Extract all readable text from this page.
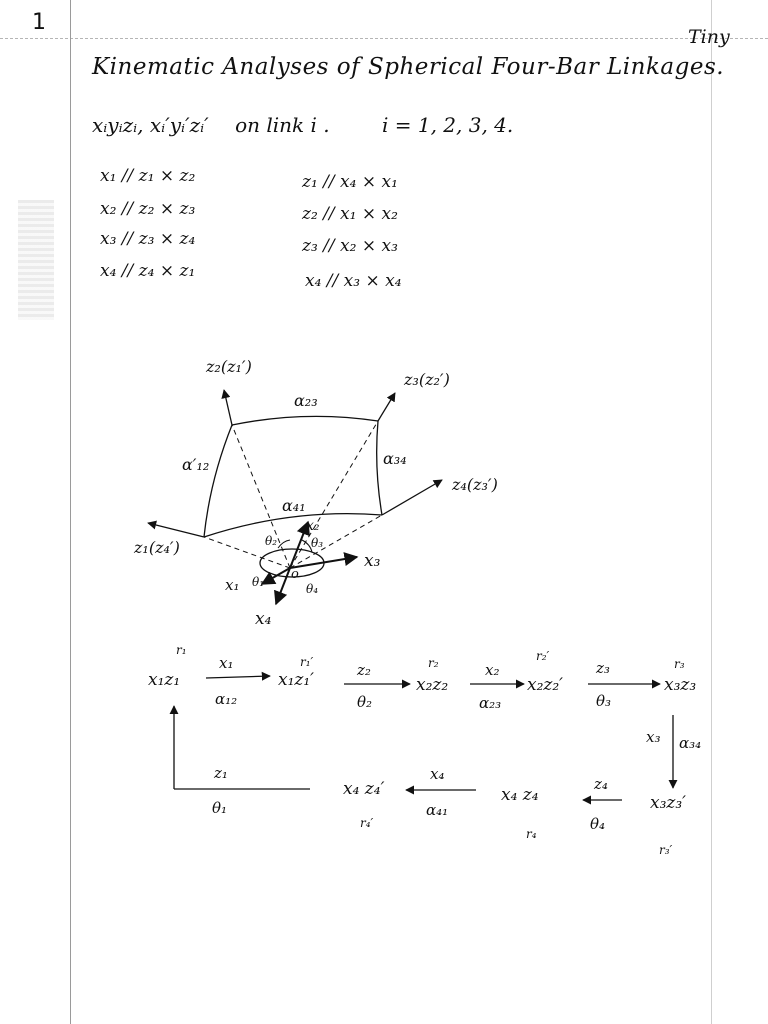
1
Tiny
Kinematic Analyses of Spherical Four-Bar Linkages.
xᵢyᵢzᵢ, xᵢ′yᵢ′zᵢ′ on link i .	i = 1, 2, 3, 4.
x₁ // z₁ × z₂
x₂ // z₂ × z₃
x₃ // z₃ × z₄
x₄ // z₄ × z₁
z₁ // x₄ × x₁
z₂ // x₁ × x₂
z₃ // x₂ × x₃
x₄ // x₃ × x₄
z₂(z₁′)
z₃(z₂′)
z₄(z₃′)
z₁(z₄′)
α₂₃
α′₁₂	α₃₄
α₄₁
x₂
x₃
x₁
x₄
θ₁
θ₂	θ₃
θ₄
o
r₁
r₁′	r₂	r₂′
r₃
r₃′
r₄
r₄′
x₁z₁	x₁z₁′	x₂z₂	x₂z₂′	x₃z₃
x₃z₃′
x₄ z₄
x₄ z₄′
x₁
α₁₂
z₂
θ₂
x₂
α₂₃
z₃
θ₃
x₃ α₃₄
z₄
θ₄
x₄
α₄₁
z₁
θ₁
